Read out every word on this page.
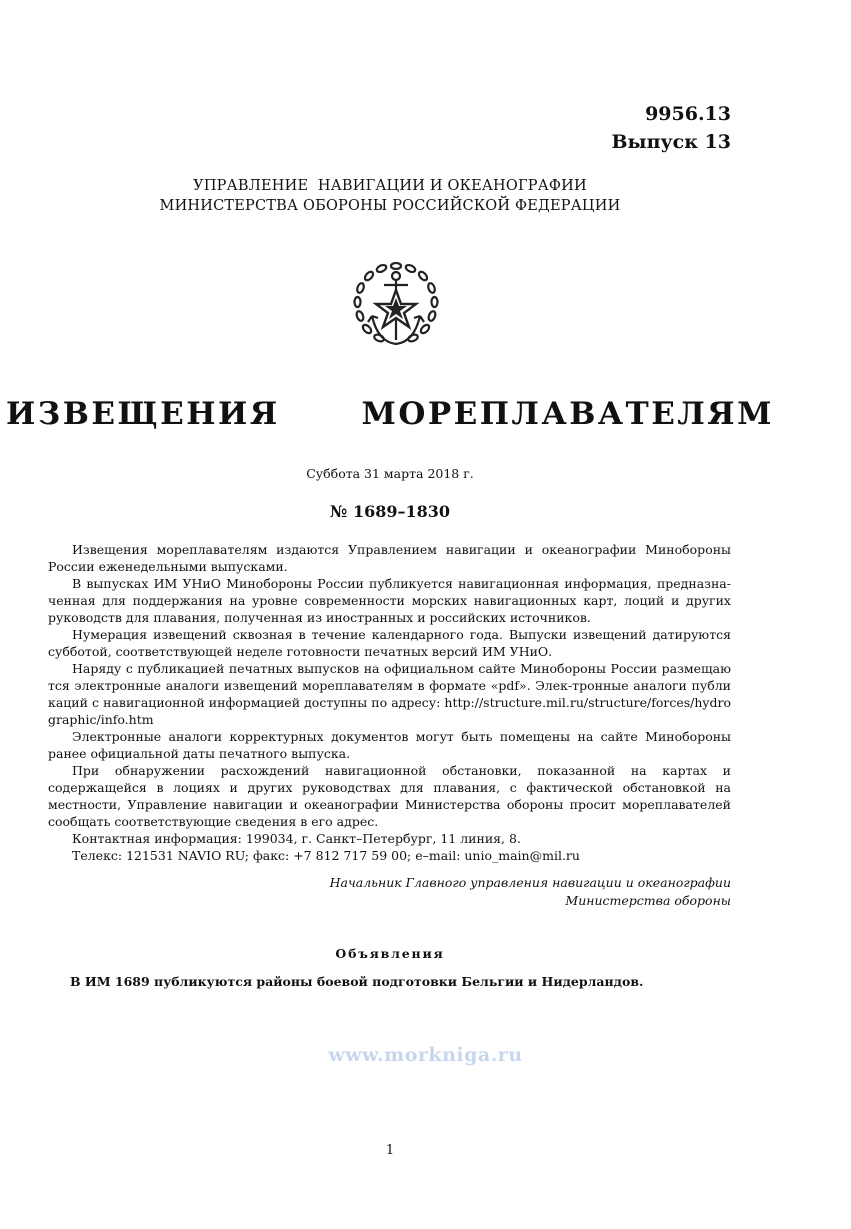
9956.13
Выпуск 13
УПРАВЛЕНИЕ  НАВИГАЦИИ И ОКЕАНОГРАФИИ
МИНИСТЕРСТВА ОБОРОНЫ РОССИЙСКОЙ ФЕДЕРАЦИИ
ИЗВЕЩЕНИЯ   МОРЕПЛАВАТЕЛЯМ
Суббота 31 марта 2018 г.
№ 1689–1830

Извещения мореплавателям издаются Управлением навигации и океанографии Минобороны России еженедельными выпусками.

В выпусках ИМ УНиО Минобороны России публикуется навигационная информация, предназна-ченная для поддержания на уровне современности морских навигационных карт, лоций и других руководств для плавания, полученная из иностранных и российских источников.

Нумерация извещений сквозная в течение календарного года. Выпуски извещений датируются субботой, соответствующей неделе готовности печатных версий ИМ УНиО.

Наряду с публикацией печатных выпусков на официальном сайте Минобороны России размещаются электронные аналоги извещений мореплавателям в формате «pdf». Элек-тронные аналоги публикаций с навигационной информацией доступны по адресу: http://structure.mil.ru/structure/forces/hydrographic/info.htm

Электронные аналоги корректурных документов могут быть помещены на сайте Минобороны ранее официальной даты печатного выпуска.

При обнаружении расхождений навигационной обстановки, показанной на картах и содержащейся в лоциях и других руководствах для плавания, с фактической обстановкой на местности, Управление навигации и океанографии Министерства обороны просит мореплавателей сообщать соответствующие сведения в его адрес.

Контактная информация: 199034, г. Санкт–Петербург, 11 линия, 8.

Телекс: 121531 NAVIO RU; факс: +7 812 717 59 00; e–mail: unio_main@mil.ru

Начальник Главного управления навигации и океанографии
Министерства обороны
Объявления
В ИМ 1689 публикуются районы боевой подготовки Бельгии и Нидерландов.
www.morkniga.ru
1
